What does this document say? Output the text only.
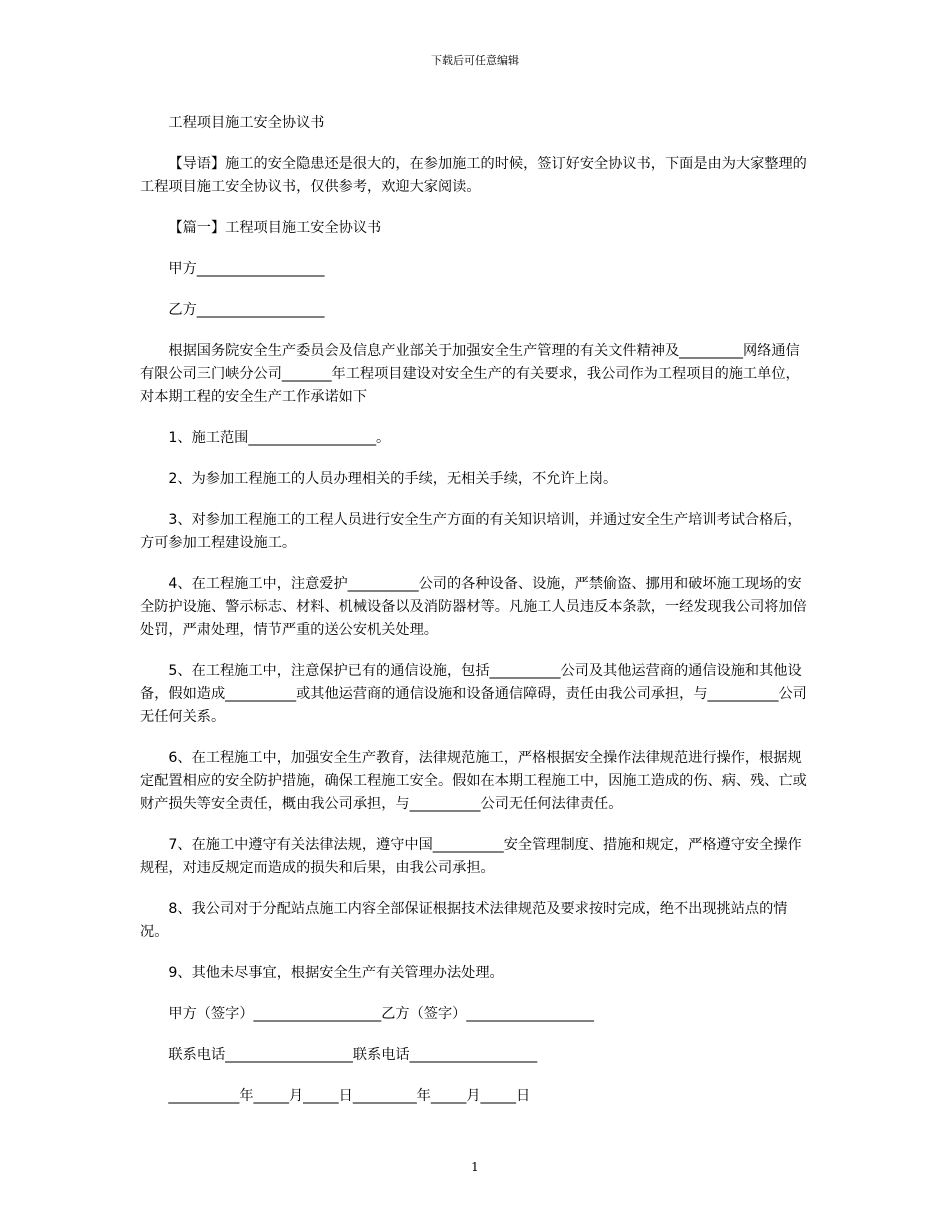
下载后可任意编辑

工程项目施工安全协议书

【导语】施工的安全隐患还是很大的，在参加施工的时候，签订好安全协议书，下面是由为大家整理的工程项目施工安全协议书，仅供参考，欢迎大家阅读。

【篇一】工程项目施工安全协议书

甲方__________________

乙方__________________

根据国务院安全生产委员会及信息产业部关于加强安全生产管理的有关文件精神及_________网络通信有限公司三门峡分公司_______年工程项目建设对安全生产的有关要求，我公司作为工程项目的施工单位，对本期工程的安全生产工作承诺如下

1、施工范围__________________。

2、为参加工程施工的人员办理相关的手续，无相关手续，不允许上岗。

3、对参加工程施工的工程人员进行安全生产方面的有关知识培训，并通过安全生产培训考试合格后，方可参加工程建设施工。

4、在工程施工中，注意爱护__________公司的各种设备、设施，严禁偷盗、挪用和破坏施工现场的安全防护设施、警示标志、材料、机械设备以及消防器材等。凡施工人员违反本条款，一经发现我公司将加倍处罚，严肃处理，情节严重的送公安机关处理。

5、在工程施工中，注意保护已有的通信设施，包括__________公司及其他运营商的通信设施和其他设备，假如造成__________或其他运营商的通信设施和设备通信障碍，责任由我公司承担，与__________公司无任何关系。

6、在工程施工中，加强安全生产教育，法律规范施工，严格根据安全操作法律规范进行操作，根据规定配置相应的安全防护措施，确保工程施工安全。假如在本期工程施工中，因施工造成的伤、病、残、亡或财产损失等安全责任，概由我公司承担，与__________公司无任何法律责任。

7、在施工中遵守有关法律法规，遵守中国__________安全管理制度、措施和规定，严格遵守安全操作规程，对违反规定而造成的损失和后果，由我公司承担。

8、我公司对于分配站点施工内容全部保证根据技术法律规范及要求按时完成，绝不出现挑站点的情况。

9、其他未尽事宜，根据安全生产有关管理办法处理。

甲方（签字）__________________乙方（签字）__________________

联系电话__________________联系电话__________________

__________年_____月_____日_________年_____月_____日

1
